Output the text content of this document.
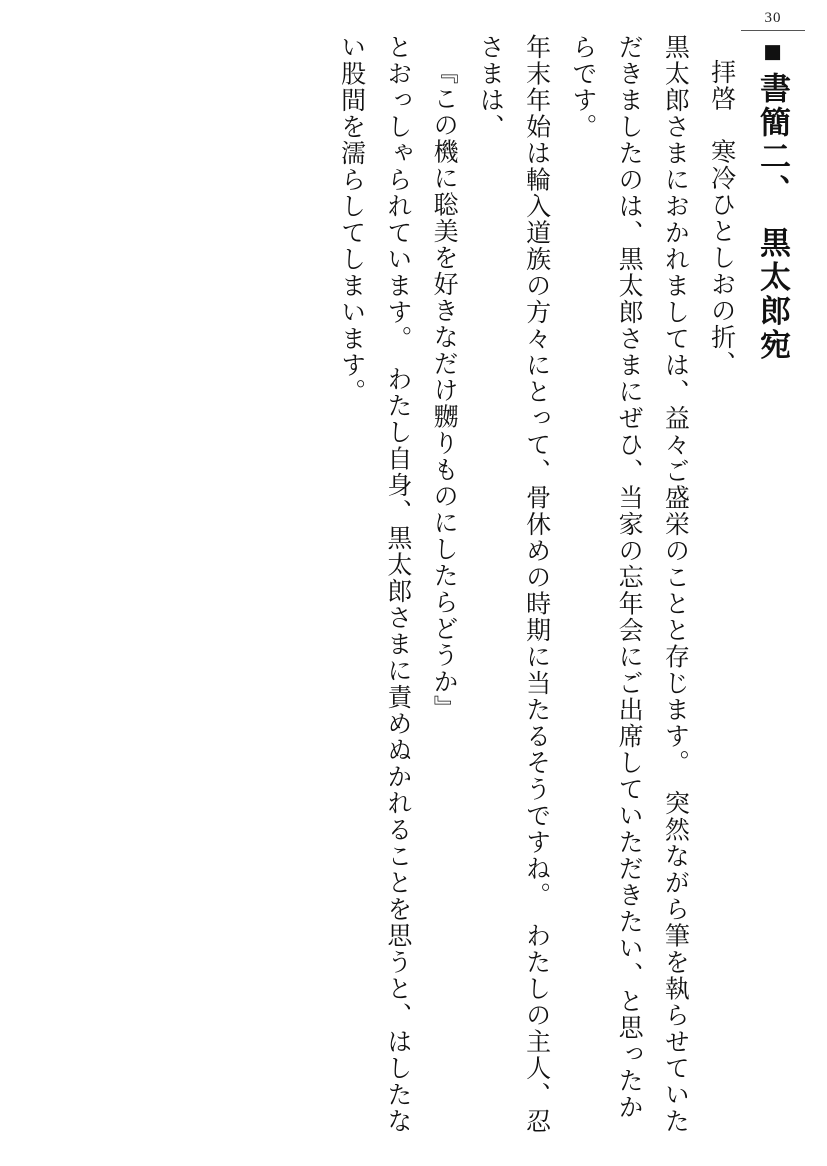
30

■書簡二、　黒太郎宛

拝啓　寒冷ひとしおの折、

黒太郎さまにおかれましては、益々ご盛栄のことと存じます。　突然ながら筆を執らせていただきましたのは、黒太郎さまにぜひ、当家の忘年会にご出席していただきたい、と思ったからです。

年末年始は輪入道族の方々にとって、骨休めの時期に当たるそうですね。　わたしの主人、忍さまは、

『この機に聡美を好きなだけ嬲りものにしたらどうか』

とおっしゃられています。　わたし自身、黒太郎さまに責めぬかれることを思うと、はしたない股間を濡らしてしまいます。
